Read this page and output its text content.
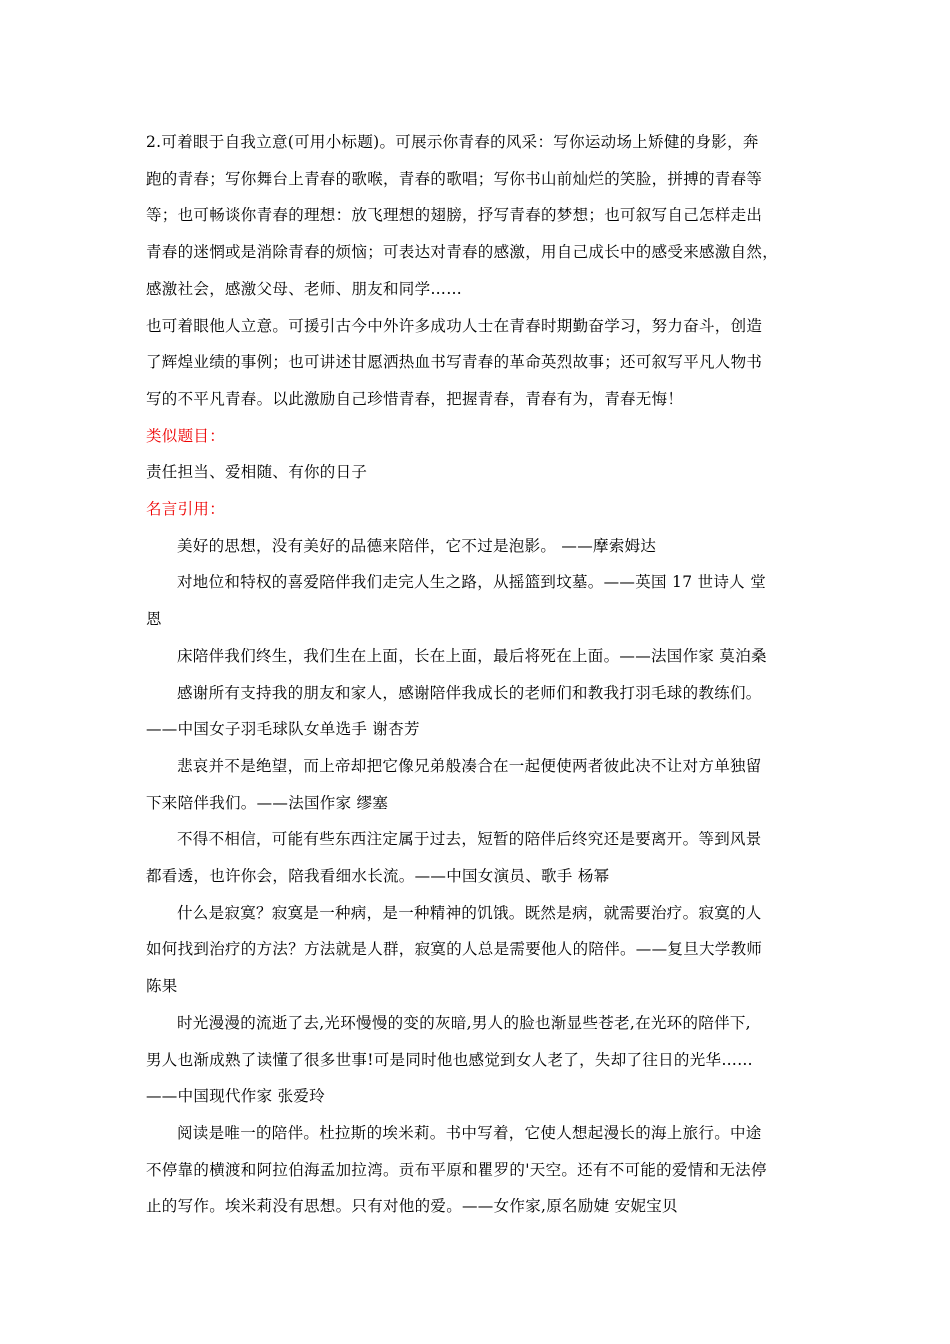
2.可着眼于自我立意(可用小标题)。可展示你青春的风采：写你运动场上矫健的身影，奔
跑的青春；写你舞台上青春的歌喉，青春的歌唱；写你书山前灿烂的笑脸，拼搏的青春等
等；也可畅谈你青春的理想：放飞理想的翅膀，抒写青春的梦想；也可叙写自己怎样走出
青春的迷惘或是消除青春的烦恼；可表达对青春的感激，用自己成长中的感受来感激自然，
感激社会，感激父母、老师、朋友和同学……
也可着眼他人立意。可援引古今中外许多成功人士在青春时期勤奋学习，努力奋斗，创造
了辉煌业绩的事例；也可讲述甘愿洒热血书写青春的革命英烈故事；还可叙写平凡人物书
写的不平凡青春。以此激励自己珍惜青春，把握青春，青春有为，青春无悔！
类似题目：
责任担当、爱相随、有你的日子
名言引用：
美好的思想，没有美好的品德来陪伴，它不过是泡影。 ——摩索姆达
对地位和特权的喜爱陪伴我们走完人生之路，从摇篮到坟墓。——英国 17 世诗人 堂
恩
床陪伴我们终生，我们生在上面，长在上面，最后将死在上面。——法国作家 莫泊桑
感谢所有支持我的朋友和家人，感谢陪伴我成长的老师们和教我打羽毛球的教练们。
——中国女子羽毛球队女单选手 谢杏芳
悲哀并不是绝望，而上帝却把它像兄弟般凑合在一起便使两者彼此决不让对方单独留
下来陪伴我们。——法国作家 缪塞
不得不相信，可能有些东西注定属于过去，短暂的陪伴后终究还是要离开。等到风景
都看透，也许你会，陪我看细水长流。——中国女演员、歌手 杨幂
什么是寂寞？寂寞是一种病，是一种精神的饥饿。既然是病，就需要治疗。寂寞的人
如何找到治疗的方法？方法就是人群，寂寞的人总是需要他人的陪伴。——复旦大学教师
陈果
时光漫漫的流逝了去,光环慢慢的变的灰暗,男人的脸也渐显些苍老,在光环的陪伴下,
男人也渐成熟了读懂了很多世事!可是同时他也感觉到女人老了，失却了往日的光华……
——中国现代作家 张爱玲
阅读是唯一的陪伴。杜拉斯的埃米莉。书中写着，它使人想起漫长的海上旅行。中途
不停靠的横渡和阿拉伯海孟加拉湾。贡布平原和瞿罗的'天空。还有不可能的爱情和无法停
止的写作。埃米莉没有思想。只有对他的爱。——女作家,原名励婕 安妮宝贝
